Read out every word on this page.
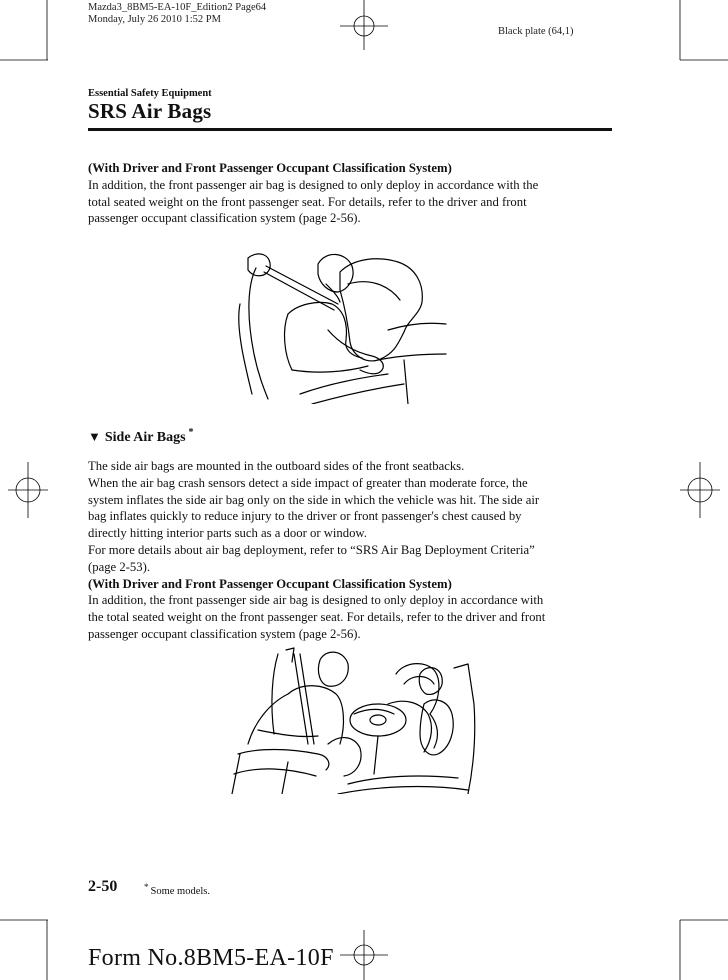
Mazda3_8BM5-EA-10F_Edition2 Page64
Monday, July 26 2010 1:52 PM
Black plate (64,1)
Essential Safety Equipment
SRS Air Bags

(With Driver and Front Passenger Occupant Classification System)

In addition, the front passenger air bag is designed to only deploy in accordance with the

total seated weight on the front passenger seat. For details, refer to the driver and front

passenger occupant classification system (page 2-56).

▼ Side Air Bags *

The side air bags are mounted in the outboard sides of the front seatbacks.

When the air bag crash sensors detect a side impact of greater than moderate force, the

system inflates the side air bag only on the side in which the vehicle was hit. The side air

bag inflates quickly to reduce injury to the driver or front passenger's chest caused by

directly hitting interior parts such as a door or window.

For more details about air bag deployment, refer to “SRS Air Bag Deployment Criteria”

(page 2-53).

(With Driver and Front Passenger Occupant Classification System)

In addition, the front passenger side air bag is designed to only deploy in accordance with

the total seated weight on the front passenger seat. For details, refer to the driver and front

passenger occupant classification system (page 2-56).

2-50	* Some models.
Form No.8BM5-EA-10F
